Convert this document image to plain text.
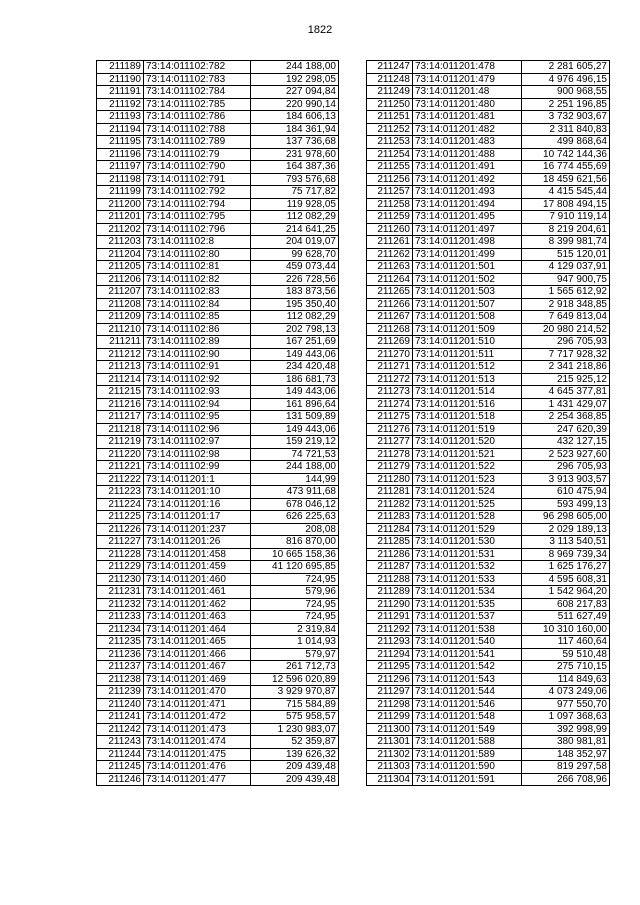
1822
211189	73:14:011102:782	244 188,00
211190	73:14:011102:783	192 298,05
211191	73:14:011102:784	227 094,84
211192	73:14:011102:785	220 990,14
211193	73:14:011102:786	184 606,13
211194	73:14:011102:788	184 361,94
211195	73:14:011102:789	137 736,68
211196	73:14:011102:79	231 978,60
211197	73:14:011102:790	164 387,36
211198	73:14:011102:791	793 576,68
211199	73:14:011102:792	75 717,82
211200	73:14:011102:794	119 928,05
211201	73:14:011102:795	112 082,29
211202	73:14:011102:796	214 641,25
211203	73:14:011102:8	204 019,07
211204	73:14:011102:80	99 628,70
211205	73:14:011102:81	459 073,44
211206	73:14:011102:82	226 728,56
211207	73:14:011102:83	183 873,56
211208	73:14:011102:84	195 350,40
211209	73:14:011102:85	112 082,29
211210	73:14:011102:86	202 798,13
211211	73:14:011102:89	167 251,69
211212	73:14:011102:90	149 443,06
211213	73:14:011102:91	234 420,48
211214	73:14:011102:92	186 681,73
211215	73:14:011102:93	149 443,06
211216	73:14:011102:94	161 896,64
211217	73:14:011102:95	131 509,89
211218	73:14:011102:96	149 443,06
211219	73:14:011102:97	159 219,12
211220	73:14:011102:98	74 721,53
211221	73:14:011102:99	244 188,00
211222	73:14:011201:1	144,99
211223	73:14:011201:10	473 911,68
211224	73:14:011201:16	678 046,12
211225	73:14:011201:17	626 225,63
211226	73:14:011201:237	208,08
211227	73:14:011201:26	816 870,00
211228	73:14:011201:458	10 665 158,36
211229	73:14:011201:459	41 120 695,85
211230	73:14:011201:460	724,95
211231	73:14:011201:461	579,96
211232	73:14:011201:462	724,95
211233	73:14:011201:463	724,95
211234	73:14:011201:464	2 319,84
211235	73:14:011201:465	1 014,93
211236	73:14:011201:466	579,97
211237	73:14:011201:467	261 712,73
211238	73:14:011201:469	12 596 020,89
211239	73:14:011201:470	3 929 970,87
211240	73:14:011201:471	715 584,89
211241	73:14:011201:472	575 958,57
211242	73:14:011201:473	1 230 983,07
211243	73:14:011201:474	52 359,87
211244	73:14:011201:475	139 626,32
211245	73:14:011201:476	209 439,48
211246	73:14:011201:477	209 439,48
211247	73:14:011201:478	2 281 605,27
211248	73:14:011201:479	4 976 496,15
211249	73:14:011201:48	900 968,55
211250	73:14:011201:480	2 251 196,85
211251	73:14:011201:481	3 732 903,67
211252	73:14:011201:482	2 311 840,83
211253	73:14:011201:483	499 868,64
211254	73:14:011201:488	10 742 144,36
211255	73:14:011201:491	16 774 455,69
211256	73:14:011201:492	18 459 621,56
211257	73:14:011201:493	4 415 545,44
211258	73:14:011201:494	17 808 494,15
211259	73:14:011201:495	7 910 119,14
211260	73:14:011201:497	8 219 204,61
211261	73:14:011201:498	8 399 981,74
211262	73:14:011201:499	515 120,01
211263	73:14:011201:501	4 129 037,91
211264	73:14:011201:502	947 900,75
211265	73:14:011201:503	1 565 612,92
211266	73:14:011201:507	2 918 348,85
211267	73:14:011201:508	7 649 813,04
211268	73:14:011201:509	20 980 214,52
211269	73:14:011201:510	296 705,93
211270	73:14:011201:511	7 717 928,32
211271	73:14:011201:512	2 341 218,86
211272	73:14:011201:513	215 925,12
211273	73:14:011201:514	4 645 377,81
211274	73:14:011201:516	1 431 429,07
211275	73:14:011201:518	2 254 368,85
211276	73:14:011201:519	247 620,39
211277	73:14:011201:520	432 127,15
211278	73:14:011201:521	2 523 927,60
211279	73:14:011201:522	296 705,93
211280	73:14:011201:523	3 913 903,57
211281	73:14:011201:524	610 475,94
211282	73:14:011201:525	593 499,13
211283	73:14:011201:528	96 298 605,00
211284	73:14:011201:529	2 029 189,13
211285	73:14:011201:530	3 113 540,51
211286	73:14:011201:531	8 969 739,34
211287	73:14:011201:532	1 625 176,27
211288	73:14:011201:533	4 595 608,31
211289	73:14:011201:534	1 542 964,20
211290	73:14:011201:535	608 217,83
211291	73:14:011201:537	511 627,49
211292	73:14:011201:538	10 310 160,00
211293	73:14:011201:540	117 460,64
211294	73:14:011201:541	59 510,48
211295	73:14:011201:542	275 710,15
211296	73:14:011201:543	114 849,63
211297	73:14:011201:544	4 073 249,06
211298	73:14:011201:546	977 550,70
211299	73:14:011201:548	1 097 368,63
211300	73:14:011201:549	392 998,99
211301	73:14:011201:588	380 981,81
211302	73:14:011201:589	148 352,97
211303	73:14:011201:590	819 297,58
211304	73:14:011201:591	266 708,96
